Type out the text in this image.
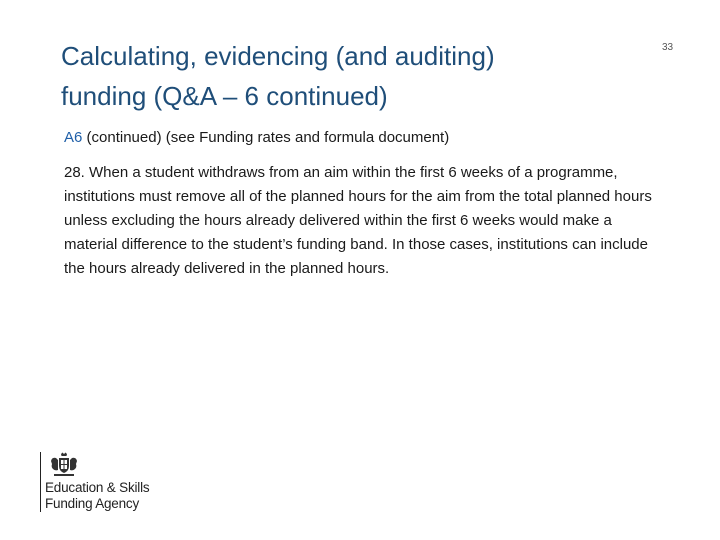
Calculating, evidencing (and auditing)
funding (Q&A – 6 continued)
33

A6 (continued) (see Funding rates and formula document)

28. When a student withdraws from an aim within the first 6 weeks of a programme, institutions must remove all of the planned hours for the aim from the total planned hours unless excluding the hours already delivered within the first 6 weeks would make a material difference to the student’s funding band. In those cases, institutions can include the hours already delivered in the planned hours.

Education & Skills
Funding Agency
